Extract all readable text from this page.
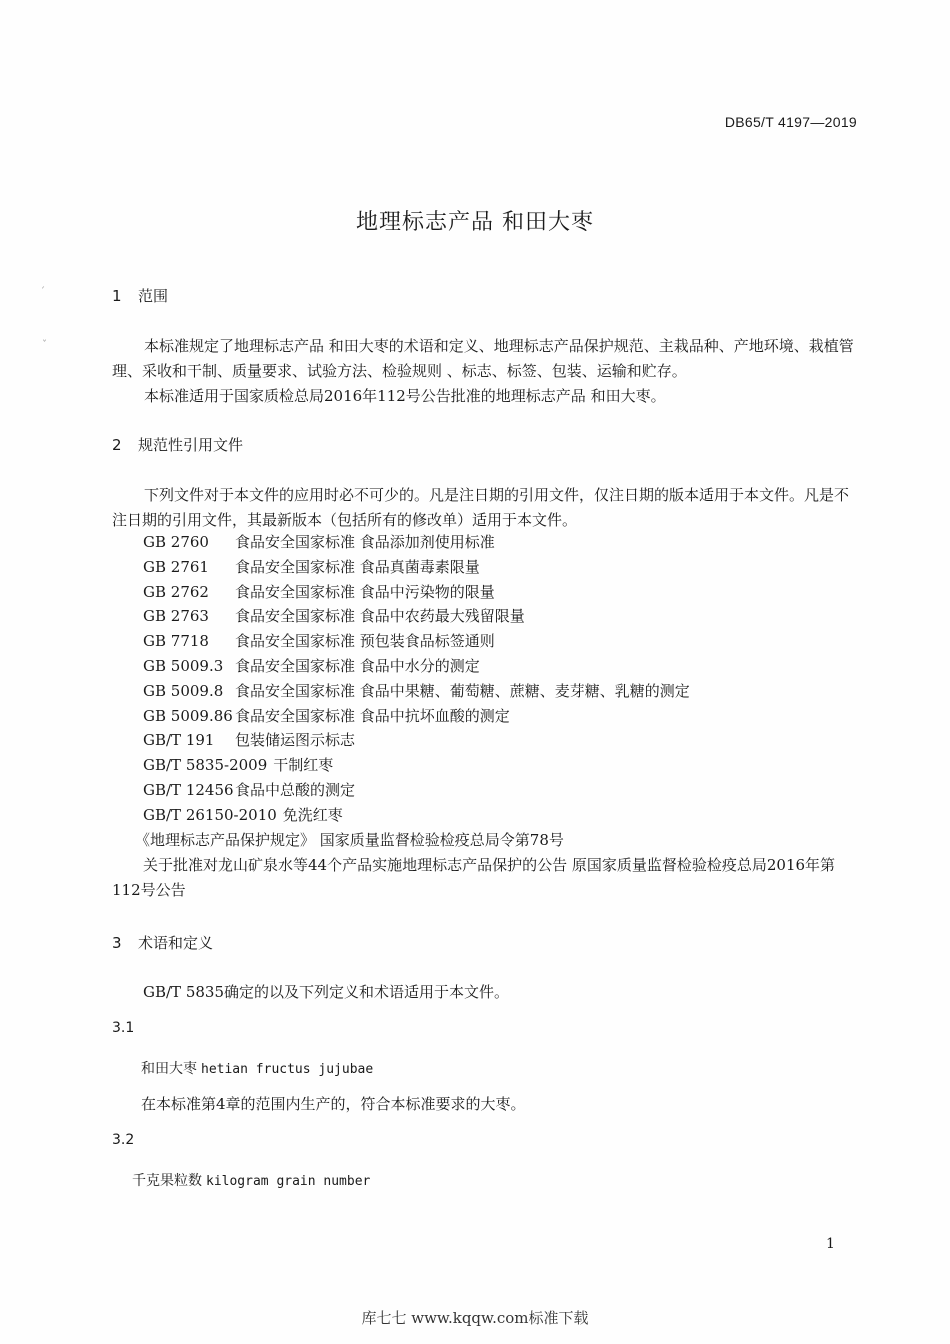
ˊ
ˇ
DB65/T 4197—2019
地理标志产品 和田大枣
1 范围
本标准规定了地理标志产品 和田大枣的术语和定义、地理标志产品保护规范、主栽品种、产地环境、栽植管理、采收和干制、质量要求、试验方法、检验规则 、标志、标签、包装、运输和贮存。
本标准适用于国家质检总局2016年112号公告批准的地理标志产品 和田大枣。
2 规范性引用文件
下列文件对于本文件的应用时必不可少的。凡是注日期的引用文件，仅注日期的版本适用于本文件。凡是不注日期的引用文件，其最新版本（包括所有的修改单）适用于本文件。
GB 2760 食品安全国家标准 食品添加剂使用标准
GB 2761 食品安全国家标准 食品真菌毒素限量
GB 2762 食品安全国家标准 食品中污染物的限量
GB 2763 食品安全国家标准 食品中农药最大残留限量
GB 7718 食品安全国家标准 预包装食品标签通则
GB 5009.3 食品安全国家标准 食品中水分的测定
GB 5009.8 食品安全国家标准 食品中果糖、葡萄糖、蔗糖、麦芽糖、乳糖的测定
GB 5009.86 食品安全国家标准 食品中抗坏血酸的测定
GB/T 191 包装储运图示标志
GB/T 5835-2009 干制红枣
GB/T 12456食品中总酸的测定
GB/T 26150-2010 免洗红枣
《地理标志产品保护规定》 国家质量监督检验检疫总局令第78号
关于批准对龙山矿泉水等44个产品实施地理标志产品保护的公告 原国家质量监督检验检疫总局2016年第112号公告
3 术语和定义
GB/T 5835确定的以及下列定义和术语适用于本文件。
3.1
和田大枣 hetian fructus jujubae
在本标准第4章的范围内生产的，符合本标准要求的大枣。
3.2
千克果粒数 kilogram grain number
1
库七七 www.kqqw.com标准下载
